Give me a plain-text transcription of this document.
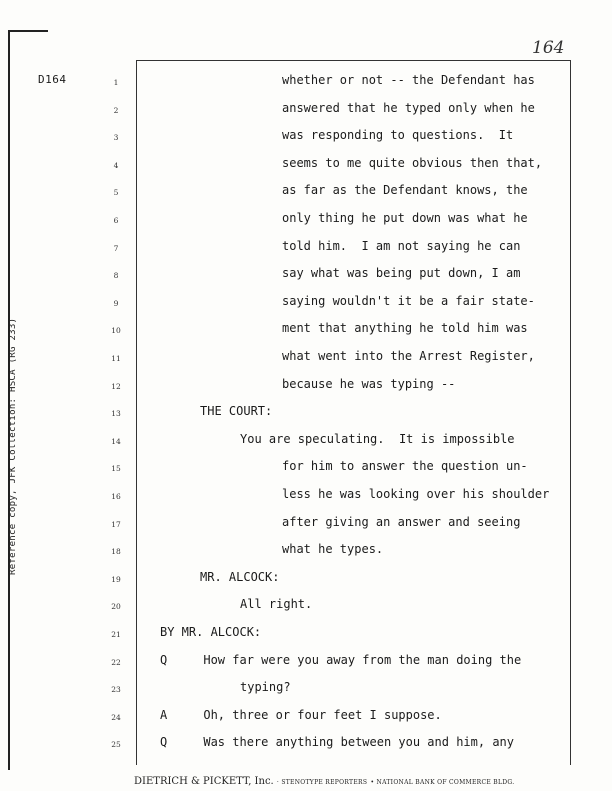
164
D164	1	whether or not -- the Defendant has
2	answered that he typed only when he
3	was responding to questions.  It
4	seems to me quite obvious then that,
5	as far as the Defendant knows, the
6	only thing he put down was what he
7	told him.  I am not saying he can
8	say what was being put down, I am
9	saying wouldn't it be a fair state-
10	ment that anything he told him was
11	what went into the Arrest Register,
12	because he was typing --
13	THE COURT:
14	You are speculating.  It is impossible
15	for him to answer the question un-
16	less he was looking over his shoulder
17	after giving an answer and seeing
18	what he types.
19	MR. ALCOCK:
20	All right.
21	BY MR. ALCOCK:
22	Q     How far were you away from the man doing the
23	typing?
24	A     Oh, three or four feet I suppose.
25	Q     Was there anything between you and him, any
Reference copy, JFK Collection: HSCA (RG 233)
DIETRICH & PICKETT, Inc. · STENOTYPE REPORTERS • NATIONAL BANK OF COMMERCE BLDG.
